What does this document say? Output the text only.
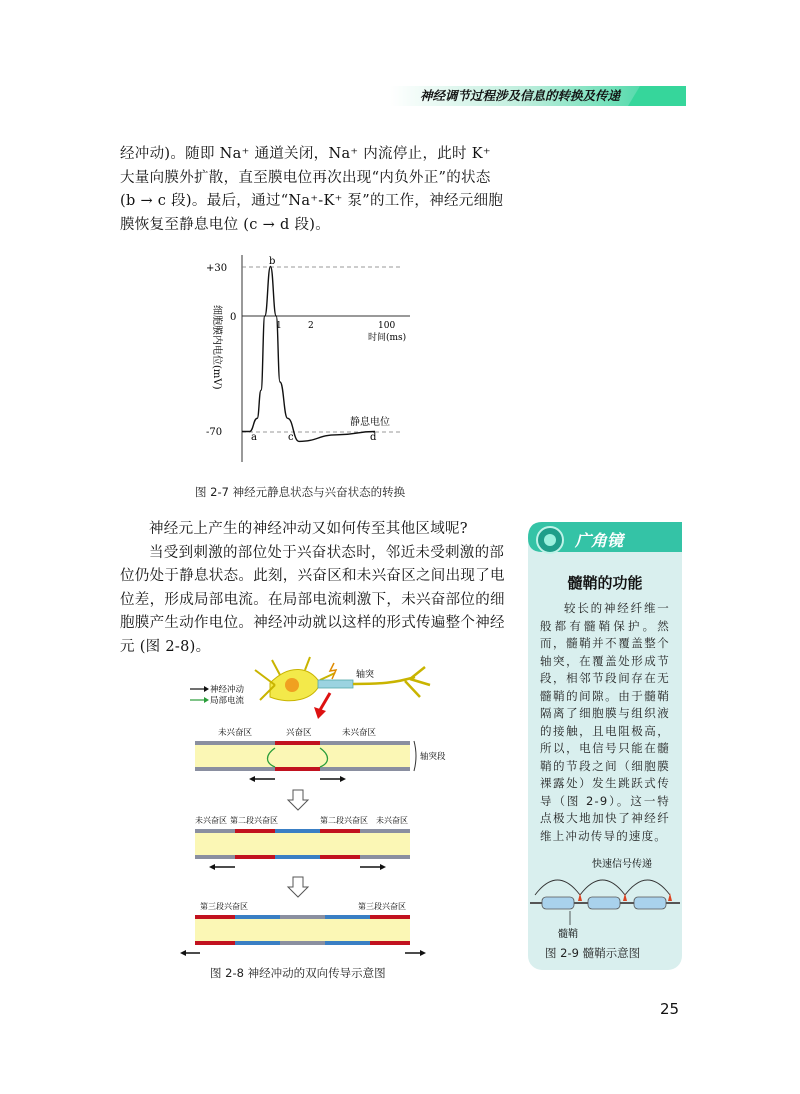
神经调节过程涉及信息的转换及传递
经冲动)。随即 Na⁺ 通道关闭，Na⁺ 内流停止，此时 K⁺ 大量向膜外扩散，直至膜电位再次出现“内负外正”的状态 (b → c 段)。最后，通过“Na⁺-K⁺ 泵”的工作，神经元细胞膜恢复至静息电位 (c → d 段)。
+30
0
-70
1	2	100
时间(ms)
细胞膜内电位(mV)
a
b
c	d
静息电位
图 2-7 神经元静息状态与兴奋状态的转换

神经元上产生的神经冲动又如何传至其他区域呢?

当受到刺激的部位处于兴奋状态时，邻近未受刺激的部位仍处于静息状态。此刻，兴奋区和未兴奋区之间出现了电位差，形成局部电流。在局部电流刺激下，未兴奋部位的细胞膜产生动作电位。神经冲动就以这样的形式传遍整个神经元 (图 2-8)。

轴突
神经冲动
局部电流
未兴奋区	兴奋区	未兴奋区
轴突段
未兴奋区 第二段兴奋区	第二段兴奋区 未兴奋区
第三段兴奋区	第三段兴奋区
图 2-8 神经冲动的双向传导示意图
广角镜
髓鞘的功能
较长的神经纤维一般都有髓鞘保护。然而，髓鞘并不覆盖整个轴突，在覆盖处形成节段，相邻节段间存在无髓鞘的间隙。由于髓鞘隔离了细胞膜与组织液的接触，且电阻极高，所以，电信号只能在髓鞘的节段之间（细胞膜裸露处）发生跳跃式传导（图 2-9）。这一特点极大地加快了神经纤维上冲动传导的速度。
快速信号传递
髓鞘
图 2-9 髓鞘示意图
25
